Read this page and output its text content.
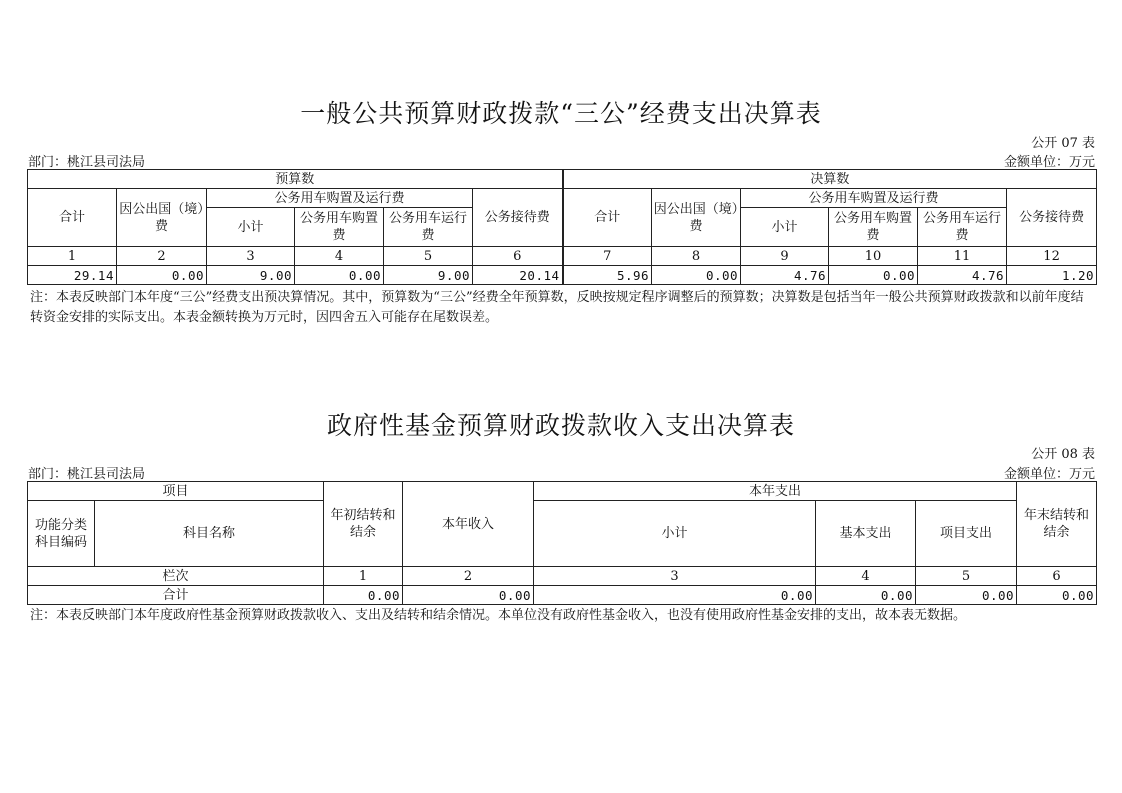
一般公共预算财政拨款“三公”经费支出决算表
公开 07 表
部门：桃江县司法局	金额单位：万元
预算数						决算数					
合计	因公出国（境）费	公务用车购置及运行费			公务接待费	合计	因公出国（境）费	公务用车购置及运行费			公务接待费
		小计	公务用车购置费	公务用车运行费				小计	公务用车购置费	公务用车运行费	
1	2	3	4	5	6	7	8	9	10	11	12
29.14	0.00	9.00	0.00	9.00	20.14	5.96	0.00	4.76	0.00	4.76	1.20
注：本表反映部门本年度“三公”经费支出预决算情况。其中，预算数为“三公”经费全年预算数，反映按规定程序调整后的预算数；决算数是包括当年一般公共预算财政拨款和以前年度结转资金安排的实际支出。本表金额转换为万元时，因四舍五入可能存在尾数误差。
政府性基金预算财政拨款收入支出决算表
公开 08 表
部门：桃江县司法局	金额单位：万元
项目		年初结转和结余	本年收入	本年支出			年末结转和结余
功能分类科目编码	科目名称			小计	基本支出	项目支出	
栏次		1	2	3	4	5	6
合计		0.00	0.00	0.00	0.00	0.00	0.00
注：本表反映部门本年度政府性基金预算财政拨款收入、支出及结转和结余情况。本单位没有政府性基金收入，也没有使用政府性基金安排的支出，故本表无数据。
